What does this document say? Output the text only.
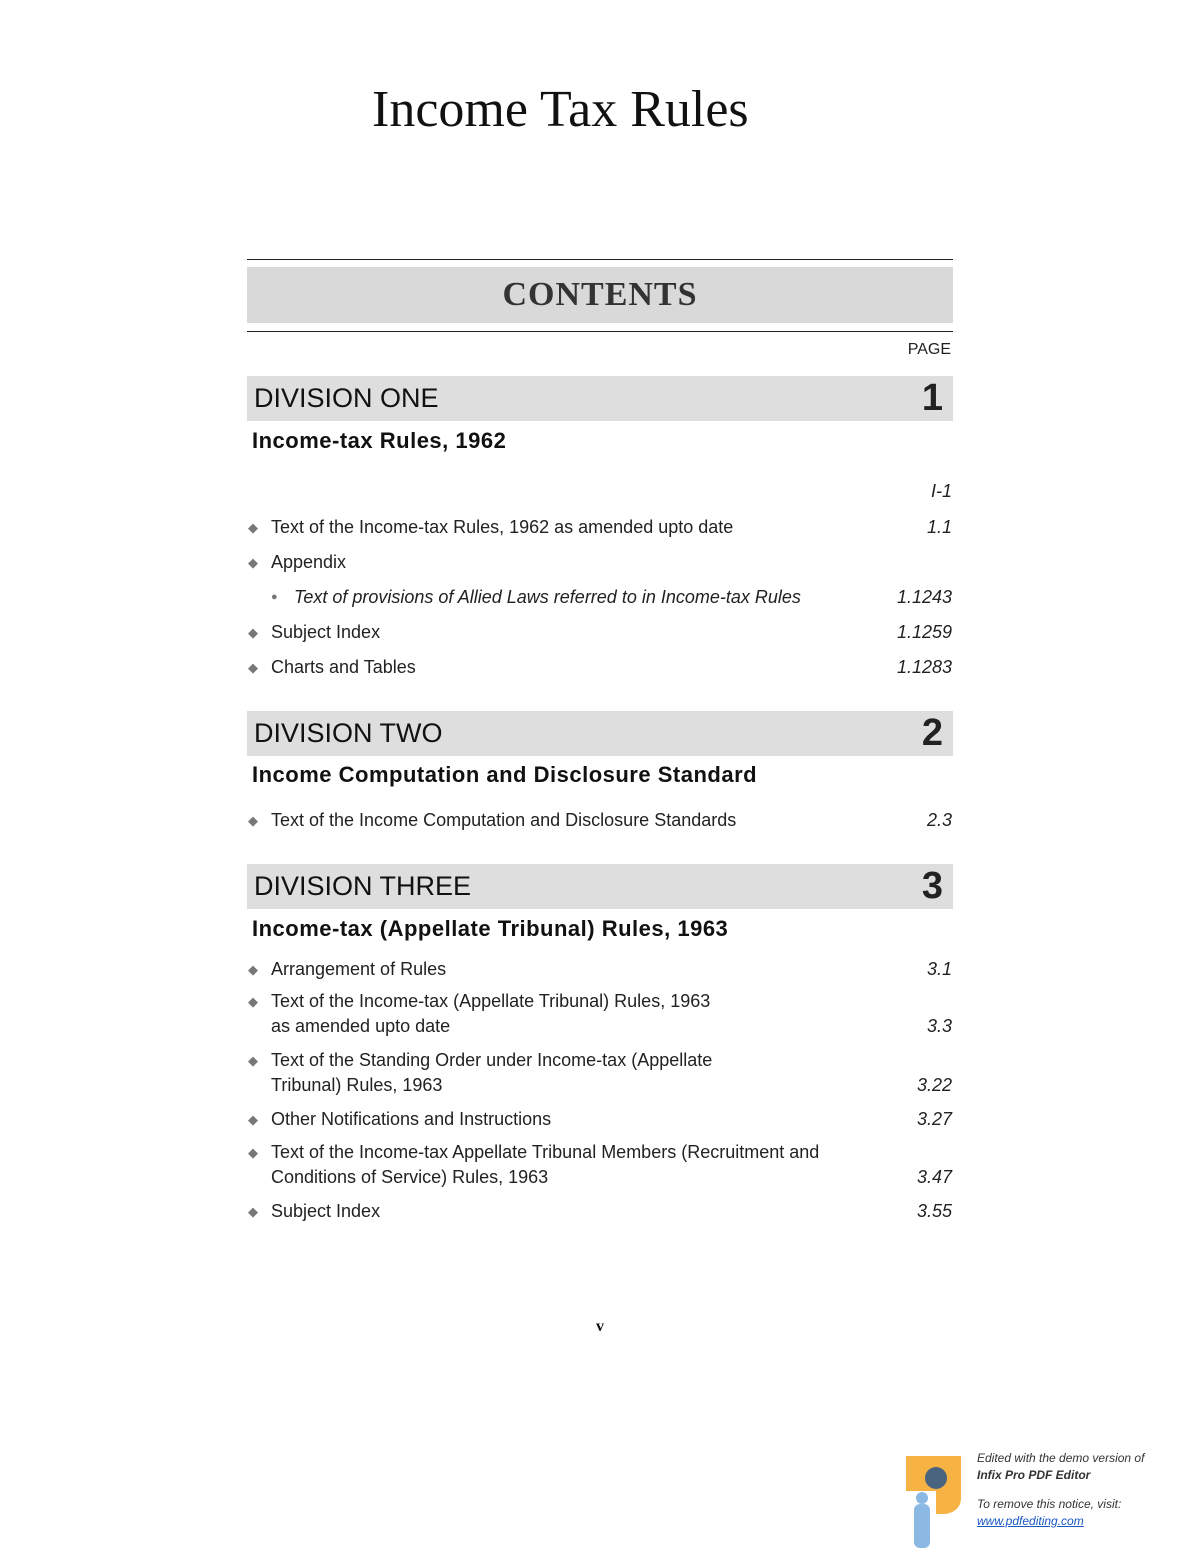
Income Tax Rules
CONTENTS
PAGE
DIVISION ONE	1
Income-tax Rules, 1962
I-1
◆ Text of the Income-tax Rules, 1962 as amended upto date	1.1
◆ Appendix
● Text of provisions of Allied Laws referred to in Income-tax Rules	1.1243
◆ Subject Index	1.1259
◆ Charts and Tables	1.1283
DIVISION TWO	2
Income Computation and Disclosure Standard
◆ Text of the Income Computation and Disclosure Standards	2.3
DIVISION THREE	3
Income-tax (Appellate Tribunal) Rules, 1963
◆ Arrangement of Rules	3.1
◆ Text of the Income-tax (Appellate Tribunal) Rules, 1963
as amended upto date	3.3
◆ Text of the Standing Order under Income-tax (Appellate
Tribunal) Rules, 1963	3.22
◆ Other Notifications and Instructions	3.27
◆ Text of the Income-tax Appellate Tribunal Members (Recruitment and
Conditions of Service) Rules, 1963	3.47
◆ Subject Index	3.55
v
Edited with the demo version of
Infix Pro PDF Editor
To remove this notice, visit:
www.pdfediting.com
